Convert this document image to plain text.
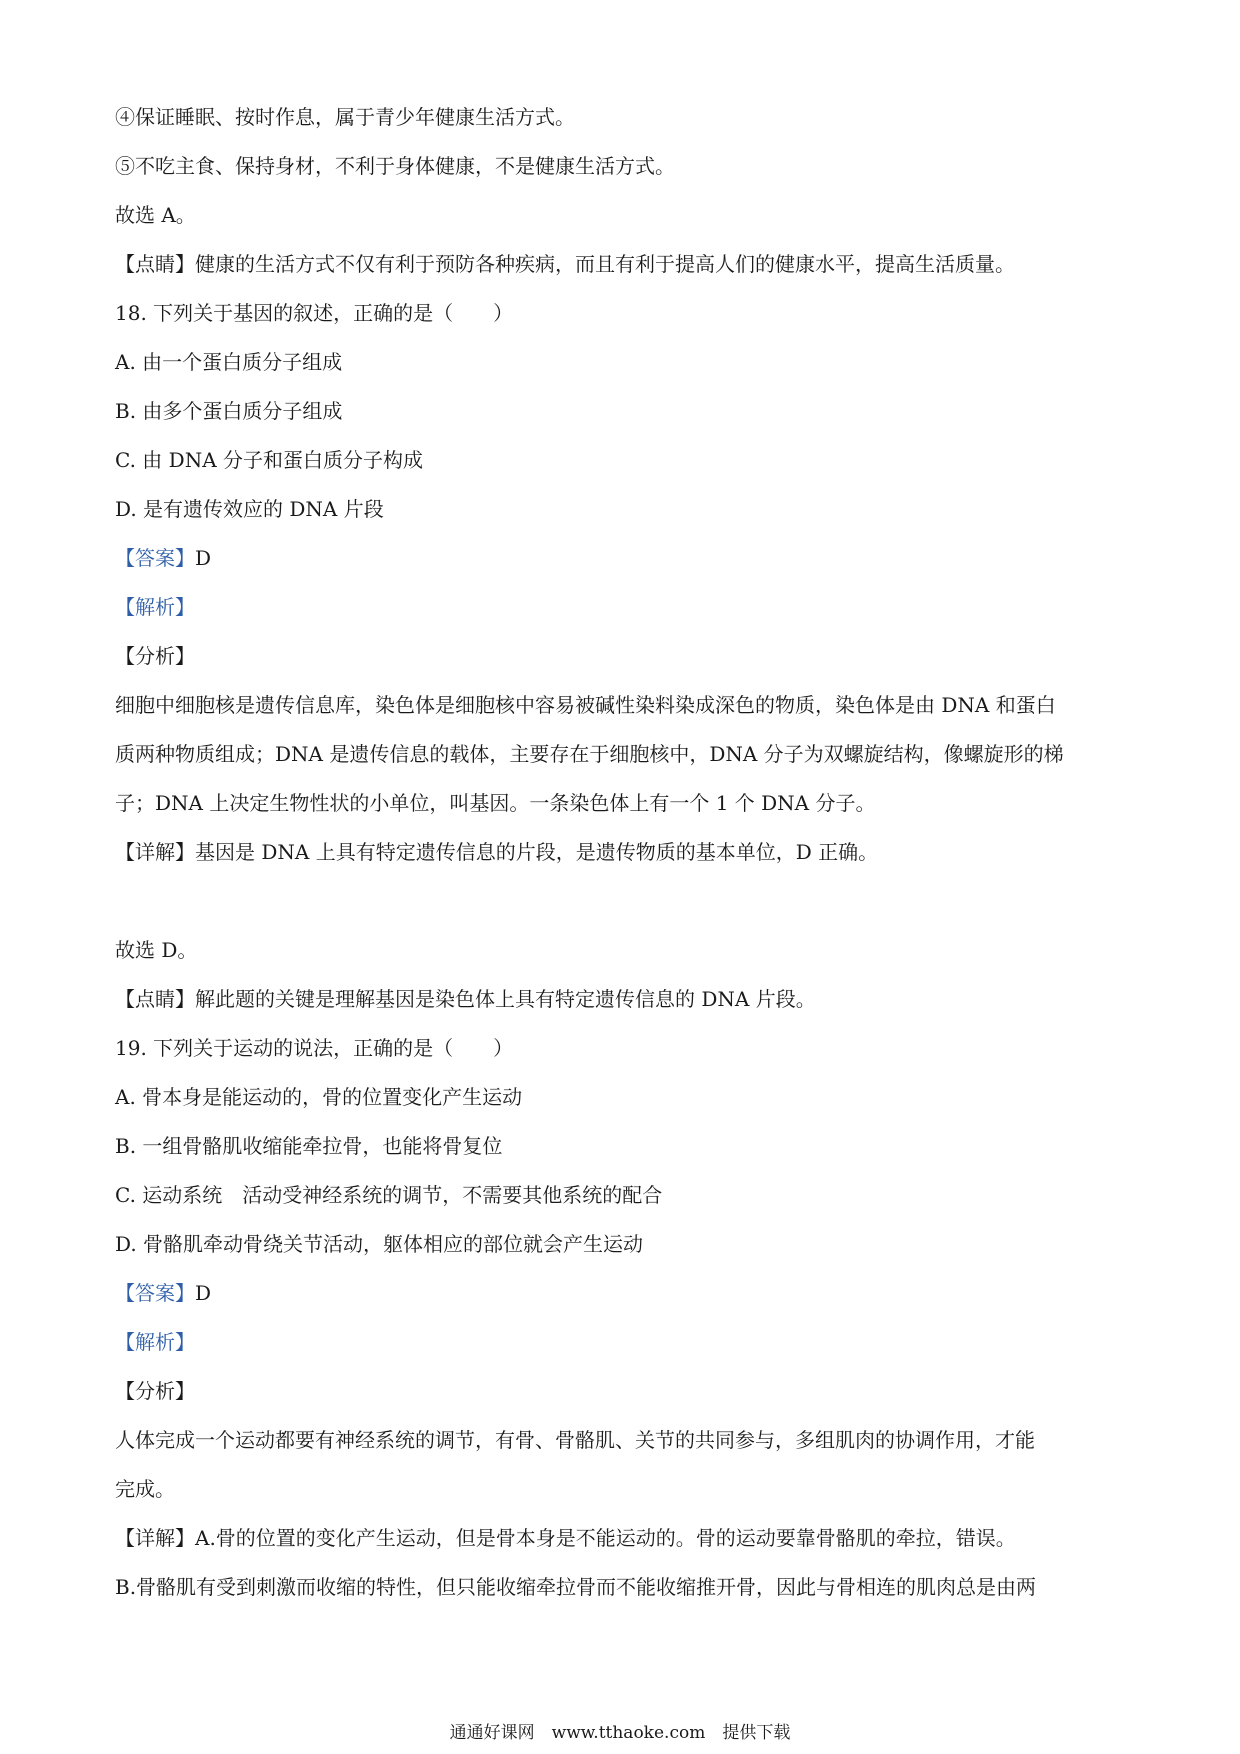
④保证睡眠、按时作息，属于青少年健康生活方式。
⑤不吃主食、保持身材，不利于身体健康，不是健康生活方式。
故选 A。
【点睛】健康的生活方式不仅有利于预防各种疾病，而且有利于提高人们的健康水平，提高生活质量。
18. 下列关于基因的叙述，正确的是（　　）
A. 由一个蛋白质分子组成
B. 由多个蛋白质分子组成
C. 由 DNA 分子和蛋白质分子构成
D. 是有遗传效应的 DNA 片段
【答案】D
【解析】
【分析】
细胞中细胞核是遗传信息库，染色体是细胞核中容易被碱性染料染成深色的物质，染色体是由 DNA 和蛋白
质两种物质组成；DNA 是遗传信息的载体，主要存在于细胞核中，DNA 分子为双螺旋结构，像螺旋形的梯
子；DNA 上决定生物性状的小单位，叫基因。一条染色体上有一个 1 个 DNA 分子。
【详解】基因是 DNA 上具有特定遗传信息的片段，是遗传物质的基本单位，D 正确。
故选 D。
【点睛】解此题的关键是理解基因是染色体上具有特定遗传信息的 DNA 片段。
19. 下列关于运动的说法，正确的是（　　）
A. 骨本身是能运动的，骨的位置变化产生运动
B. 一组骨骼肌收缩能牵拉骨，也能将骨复位
C. 运动系统　活动受神经系统的调节，不需要其他系统的配合
D. 骨骼肌牵动骨绕关节活动，躯体相应的部位就会产生运动
【答案】D
【解析】
【分析】
人体完成一个运动都要有神经系统的调节，有骨、骨骼肌、关节的共同参与，多组肌肉的协调作用，才能
完成。
【详解】A.骨的位置的变化产生运动，但是骨本身是不能运动的。骨的运动要靠骨骼肌的牵拉，错误。
B.骨骼肌有受到刺激而收缩的特性，但只能收缩牵拉骨而不能收缩推开骨，因此与骨相连的肌肉总是由两
通通好课网　www.tthaoke.com　提供下载
